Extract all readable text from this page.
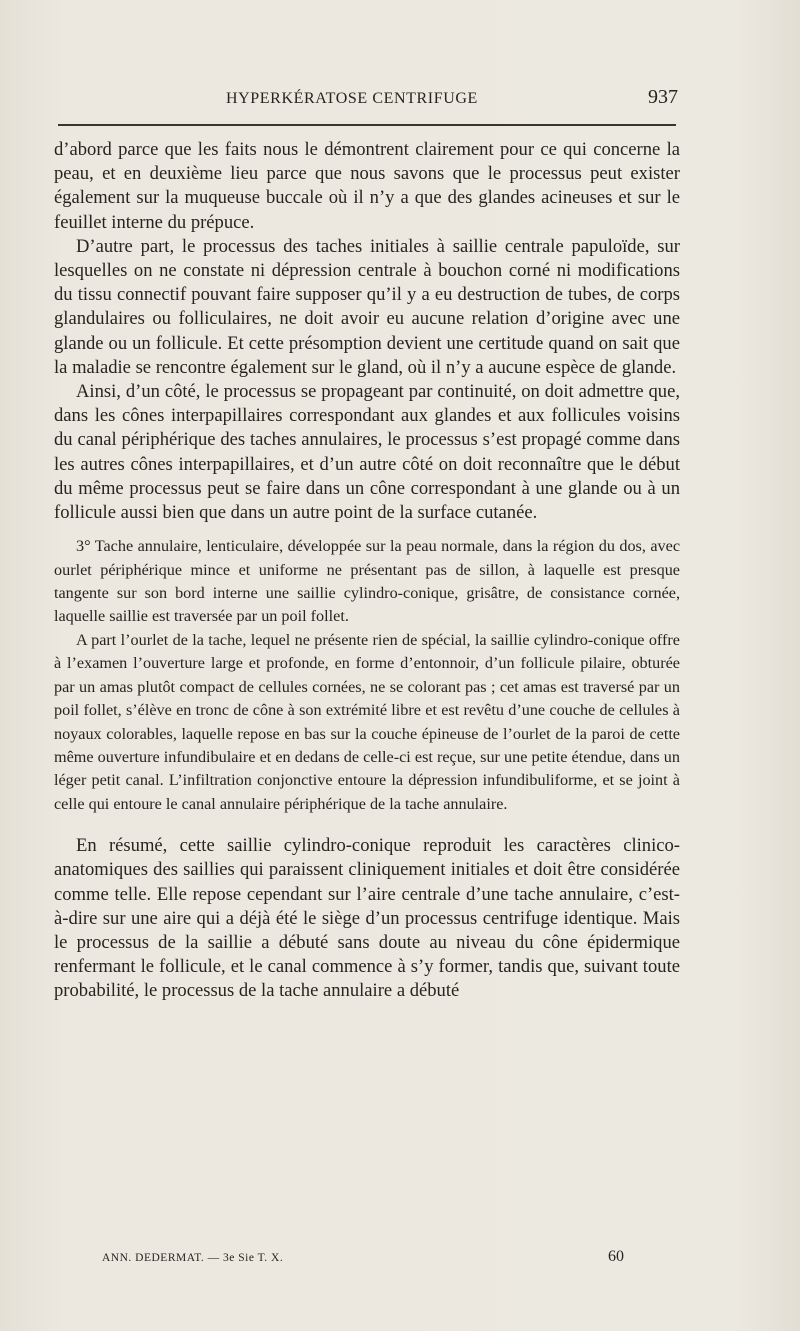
HYPERKÉRATOSE CENTRIFUGE	937

d’abord parce que les faits nous le démontrent clairement pour ce qui concerne la peau, et en deuxième lieu parce que nous savons que le processus peut exister également sur la muqueuse buccale où il n’y a que des glandes acineuses et sur le feuillet interne du prépuce.

D’autre part, le processus des taches initiales à saillie centrale papuloïde, sur lesquelles on ne constate ni dépression centrale à bouchon corné ni modifications du tissu connectif pouvant faire supposer qu’il y a eu destruction de tubes, de corps glandulaires ou folliculaires, ne doit avoir eu aucune relation d’origine avec une glande ou un follicule. Et cette présomption devient une certitude quand on sait que la maladie se rencontre également sur le gland, où il n’y a aucune espèce de glande.

Ainsi, d’un côté, le processus se propageant par continuité, on doit admettre que, dans les cônes interpapillaires correspondant aux glandes et aux follicules voisins du canal périphérique des taches annulaires, le processus s’est propagé comme dans les autres cônes interpapillaires, et d’un autre côté on doit reconnaître que le début du même processus peut se faire dans un cône correspondant à une glande ou à un follicule aussi bien que dans un autre point de la surface cutanée.

3° Tache annulaire, lenticulaire, développée sur la peau normale, dans la région du dos, avec ourlet périphérique mince et uniforme ne présentant pas de sillon, à laquelle est presque tangente sur son bord interne une saillie cylindro-conique, grisâtre, de consistance cornée, laquelle saillie est traversée par un poil follet.

A part l’ourlet de la tache, lequel ne présente rien de spécial, la saillie cylindro-conique offre à l’examen l’ouverture large et profonde, en forme d’entonnoir, d’un follicule pilaire, obturée par un amas plutôt compact de cellules cornées, ne se colorant pas ; cet amas est traversé par un poil follet, s’élève en tronc de cône à son extrémité libre et est revêtu d’une couche de cellules à noyaux colorables, laquelle repose en bas sur la couche épineuse de l’ourlet de la paroi de cette même ouverture infundibulaire et en dedans de celle-ci est reçue, sur une petite étendue, dans un léger petit canal. L’infiltration conjonctive entoure la dépression infundibuliforme, et se joint à celle qui entoure le canal annulaire périphérique de la tache annulaire.

En résumé, cette saillie cylindro-conique reproduit les caractères clinico-anatomiques des saillies qui paraissent cliniquement initiales et doit être considérée comme telle. Elle repose cependant sur l’aire centrale d’une tache annulaire, c’est-à-dire sur une aire qui a déjà été le siège d’un processus centrifuge identique. Mais le processus de la saillie a débuté sans doute au niveau du cône épidermique renfermant le follicule, et le canal commence à s’y former, tandis que, suivant toute probabilité, le processus de la tache annulaire a débuté

ANN. DEDERMAT. — 3e Sie T. X.	60
